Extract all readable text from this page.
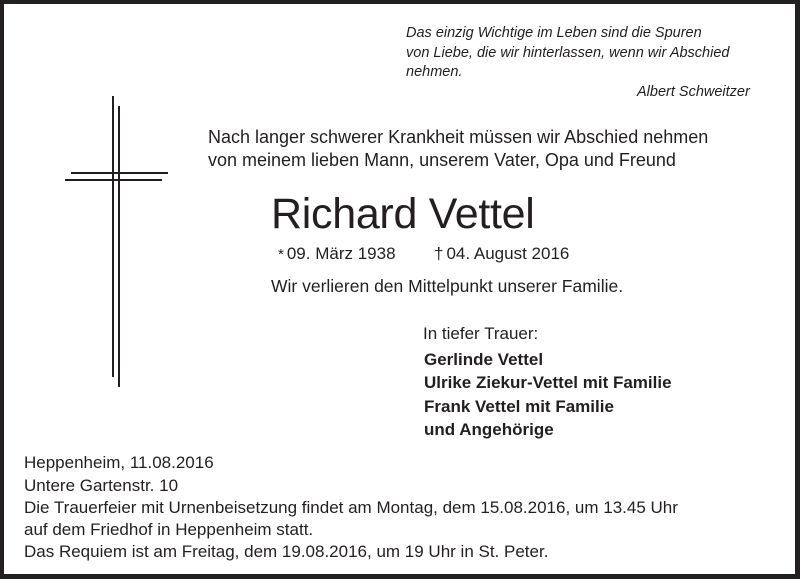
Das einzig Wichtige im Leben sind die Spuren
von Liebe, die wir hinterlassen, wenn wir Abschied
nehmen.
Albert Schweitzer
Nach langer schwerer Krankheit müssen wir Abschied nehmen
von meinem lieben Mann, unserem Vater, Opa und Freund
Richard Vettel
* 09. März 1938 † 04. August 2016
Wir verlieren den Mittelpunkt unserer Familie.
In tiefer Trauer:
Gerlinde Vettel
Ulrike Ziekur-Vettel mit Familie
Frank Vettel mit Familie
und Angehörige
Heppenheim, 11.08.2016
Untere Gartenstr. 10
Die Trauerfeier mit Urnenbeisetzung findet am Montag, dem 15.08.2016, um 13.45 Uhr
auf dem Friedhof in Heppenheim statt.
Das Requiem ist am Freitag, dem 19.08.2016, um 19 Uhr in St. Peter.
